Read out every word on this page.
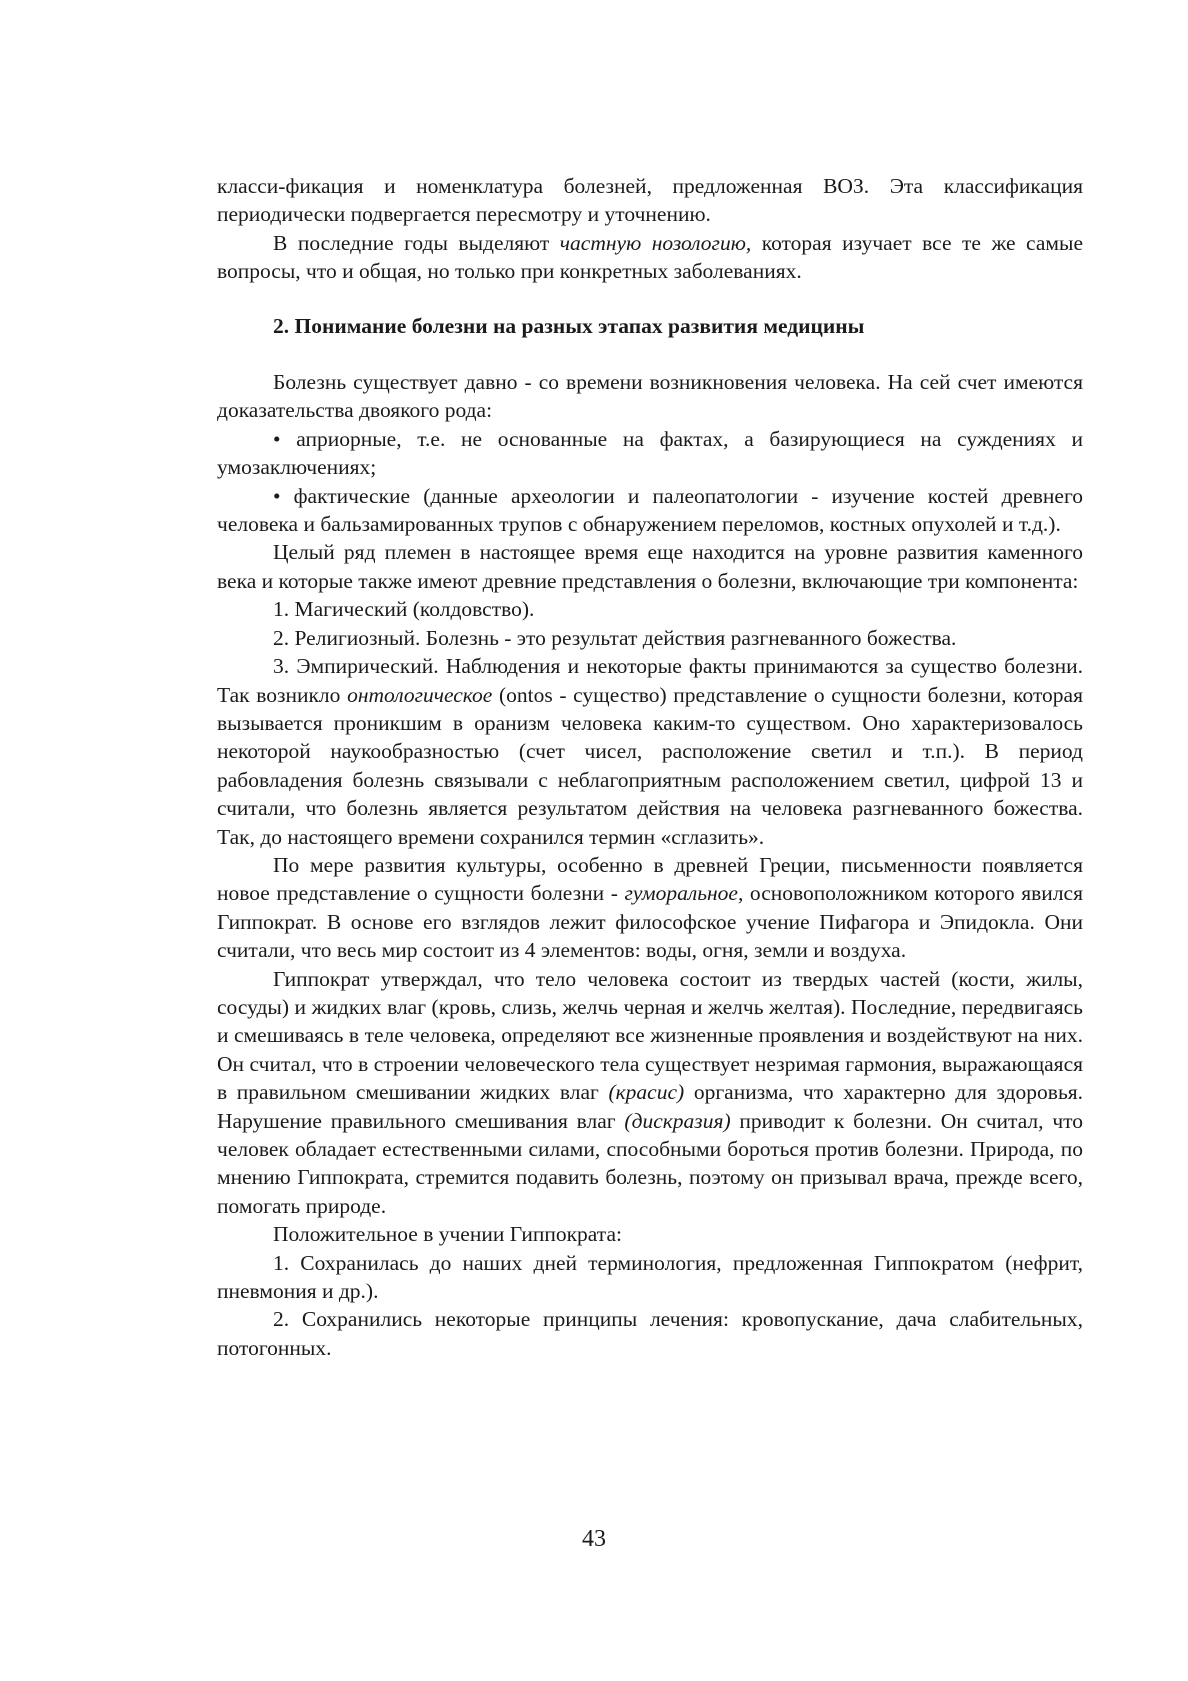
класси-фикация и номенклатура болезней, предложенная ВОЗ. Эта классификация периодически подвергается пересмотру и уточнению.

В последние годы выделяют частную нозологию, которая изучает все те же самые вопросы, что и общая, но только при конкретных заболеваниях.

2. Понимание болезни на разных этапах развития медицины

Болезнь существует давно - со времени возникновения человека. На сей счет имеются доказательства двоякого рода:

• априорные, т.е. не основанные на фактах, а базирующиеся на суждениях и умозаключениях;

• фактические (данные археологии и палеопатологии - изучение костей древнего человека и бальзамированных трупов с обнаружением переломов, костных опухолей и т.д.).

Целый ряд племен в настоящее время еще находится на уровне развития каменного века и которые также имеют древние представления о болезни, включающие три компонента:

1. Магический (колдовство).

2. Религиозный. Болезнь - это результат действия разгневанного божества.

3. Эмпирический. Наблюдения и некоторые факты принимаются за существо болезни. Так возникло онтологическое (ontos - существо) представление о сущности болезни, которая вызывается проникшим в оранизм человека каким-то существом. Оно характеризовалось некоторой наукообразностью (счет чисел, расположение светил и т.п.). В период рабовладения болезнь связывали с неблагоприятным расположением светил, цифрой 13 и считали, что болезнь является результатом действия на человека разгневанного божества. Так, до настоящего времени сохранился термин «сглазить».

По мере развития культуры, особенно в древней Греции, письменности появляется новое представление о сущности болезни - гуморальное, основоположником которого явился Гиппократ. В основе его взглядов лежит философское учение Пифагора и Эпидокла. Они считали, что весь мир состоит из 4 элементов: воды, огня, земли и воздуха.

Гиппократ утверждал, что тело человека состоит из твердых частей (кости, жилы, сосуды) и жидких влаг (кровь, слизь, желчь черная и желчь желтая). Последние, передвигаясь и смешиваясь в теле человека, определяют все жизненные проявления и воздействуют на них. Он считал, что в строении человеческого тела существует незримая гармония, выражающаяся в правильном смешивании жидких влаг (красис) организма, что характерно для здоровья. Нарушение правильного смешивания влаг (дискразия) приводит к болезни. Он считал, что человек обладает естественными силами, способными бороться против болезни. Природа, по мнению Гиппократа, стремится подавить болезнь, поэтому он призывал врача, прежде всего, помогать природе.

Положительное в учении Гиппократа:

1. Сохранилась до наших дней терминология, предложенная Гиппократом (нефрит, пневмония и др.).

2. Сохранились некоторые принципы лечения: кровопускание, дача слабительных, потогонных.

43
